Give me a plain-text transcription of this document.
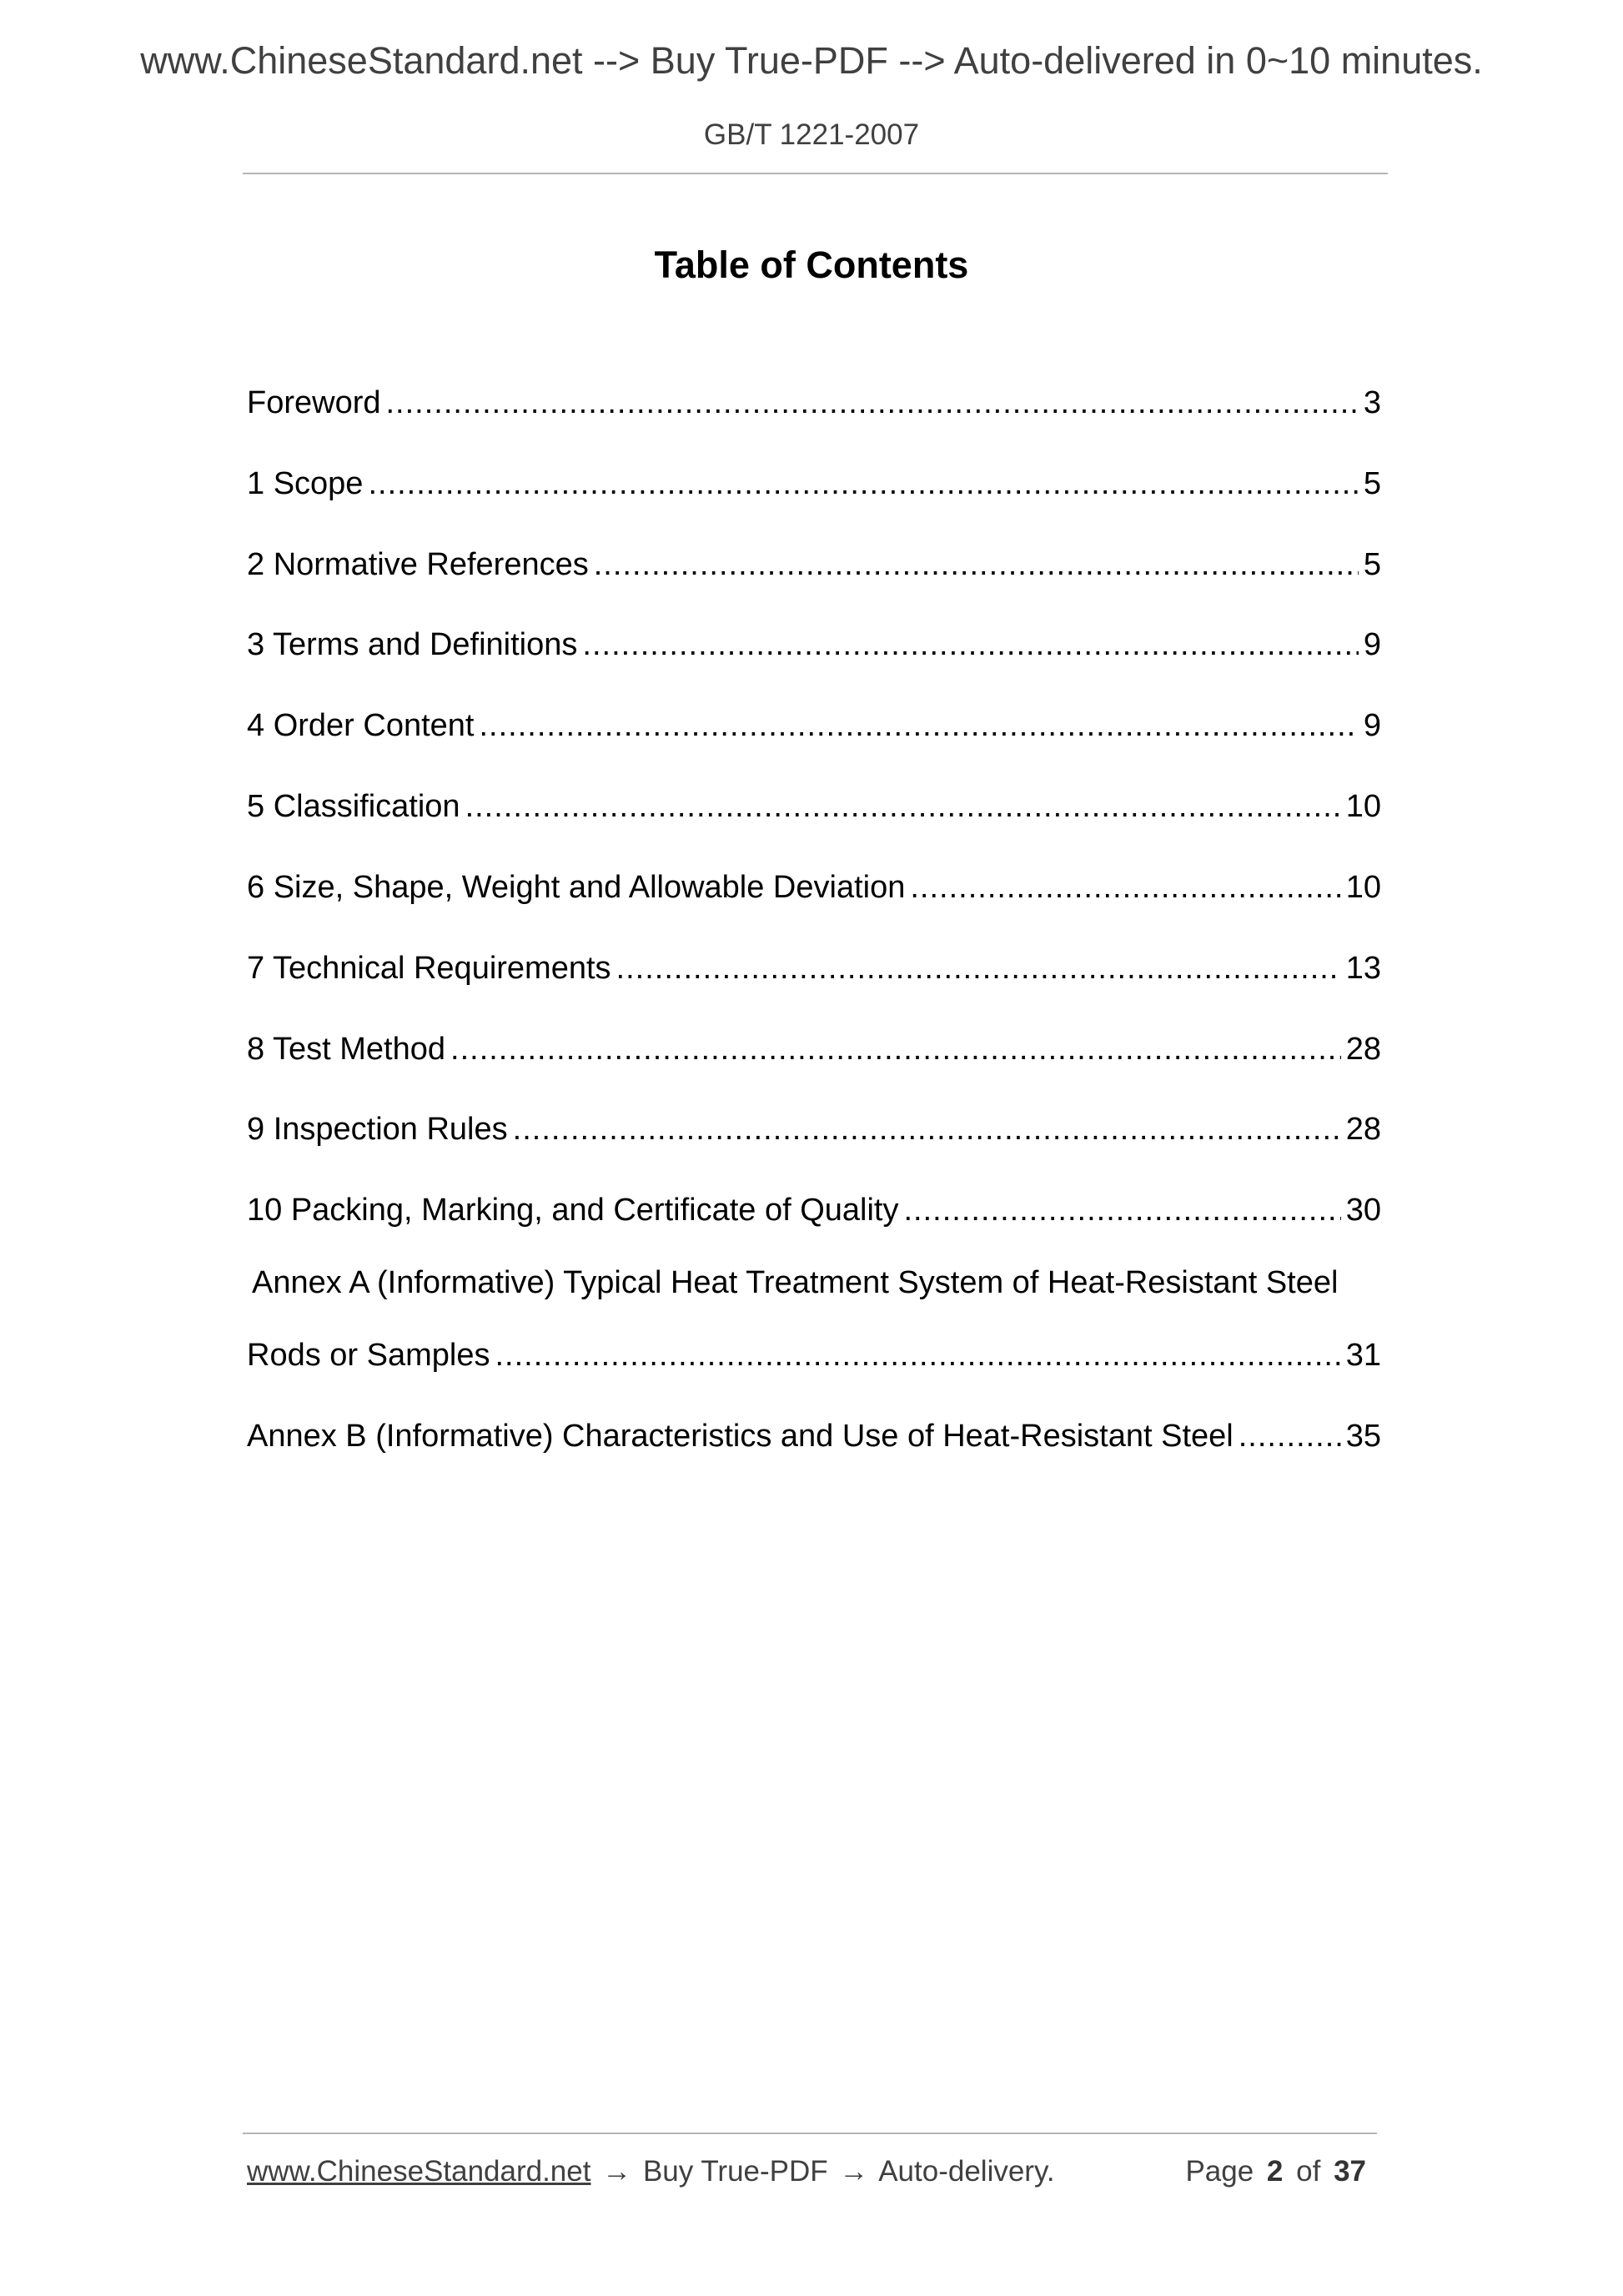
www.ChineseStandard.net --> Buy True-PDF --> Auto-delivered in 0~10 minutes.
GB/T 1221-2007
Table of Contents
Foreword .....	3
1 Scope .....	5
2 Normative References .....	5
3 Terms and Definitions .....	9
4 Order Content .....	9
5 Classification .....	10
6 Size, Shape, Weight and Allowable Deviation .....	10
7 Technical Requirements .....	13
8 Test Method .....	28
9 Inspection Rules .....	28
10 Packing, Marking, and Certificate of Quality .....	30
Annex A (Informative) Typical Heat Treatment System of Heat-Resistant Steel
Rods or Samples .....	31
Annex B (Informative) Characteristics and Use of Heat-Resistant Steel .....	35
www.ChineseStandard.net → Buy True-PDF → Auto-delivery.	Page 2 of 37
